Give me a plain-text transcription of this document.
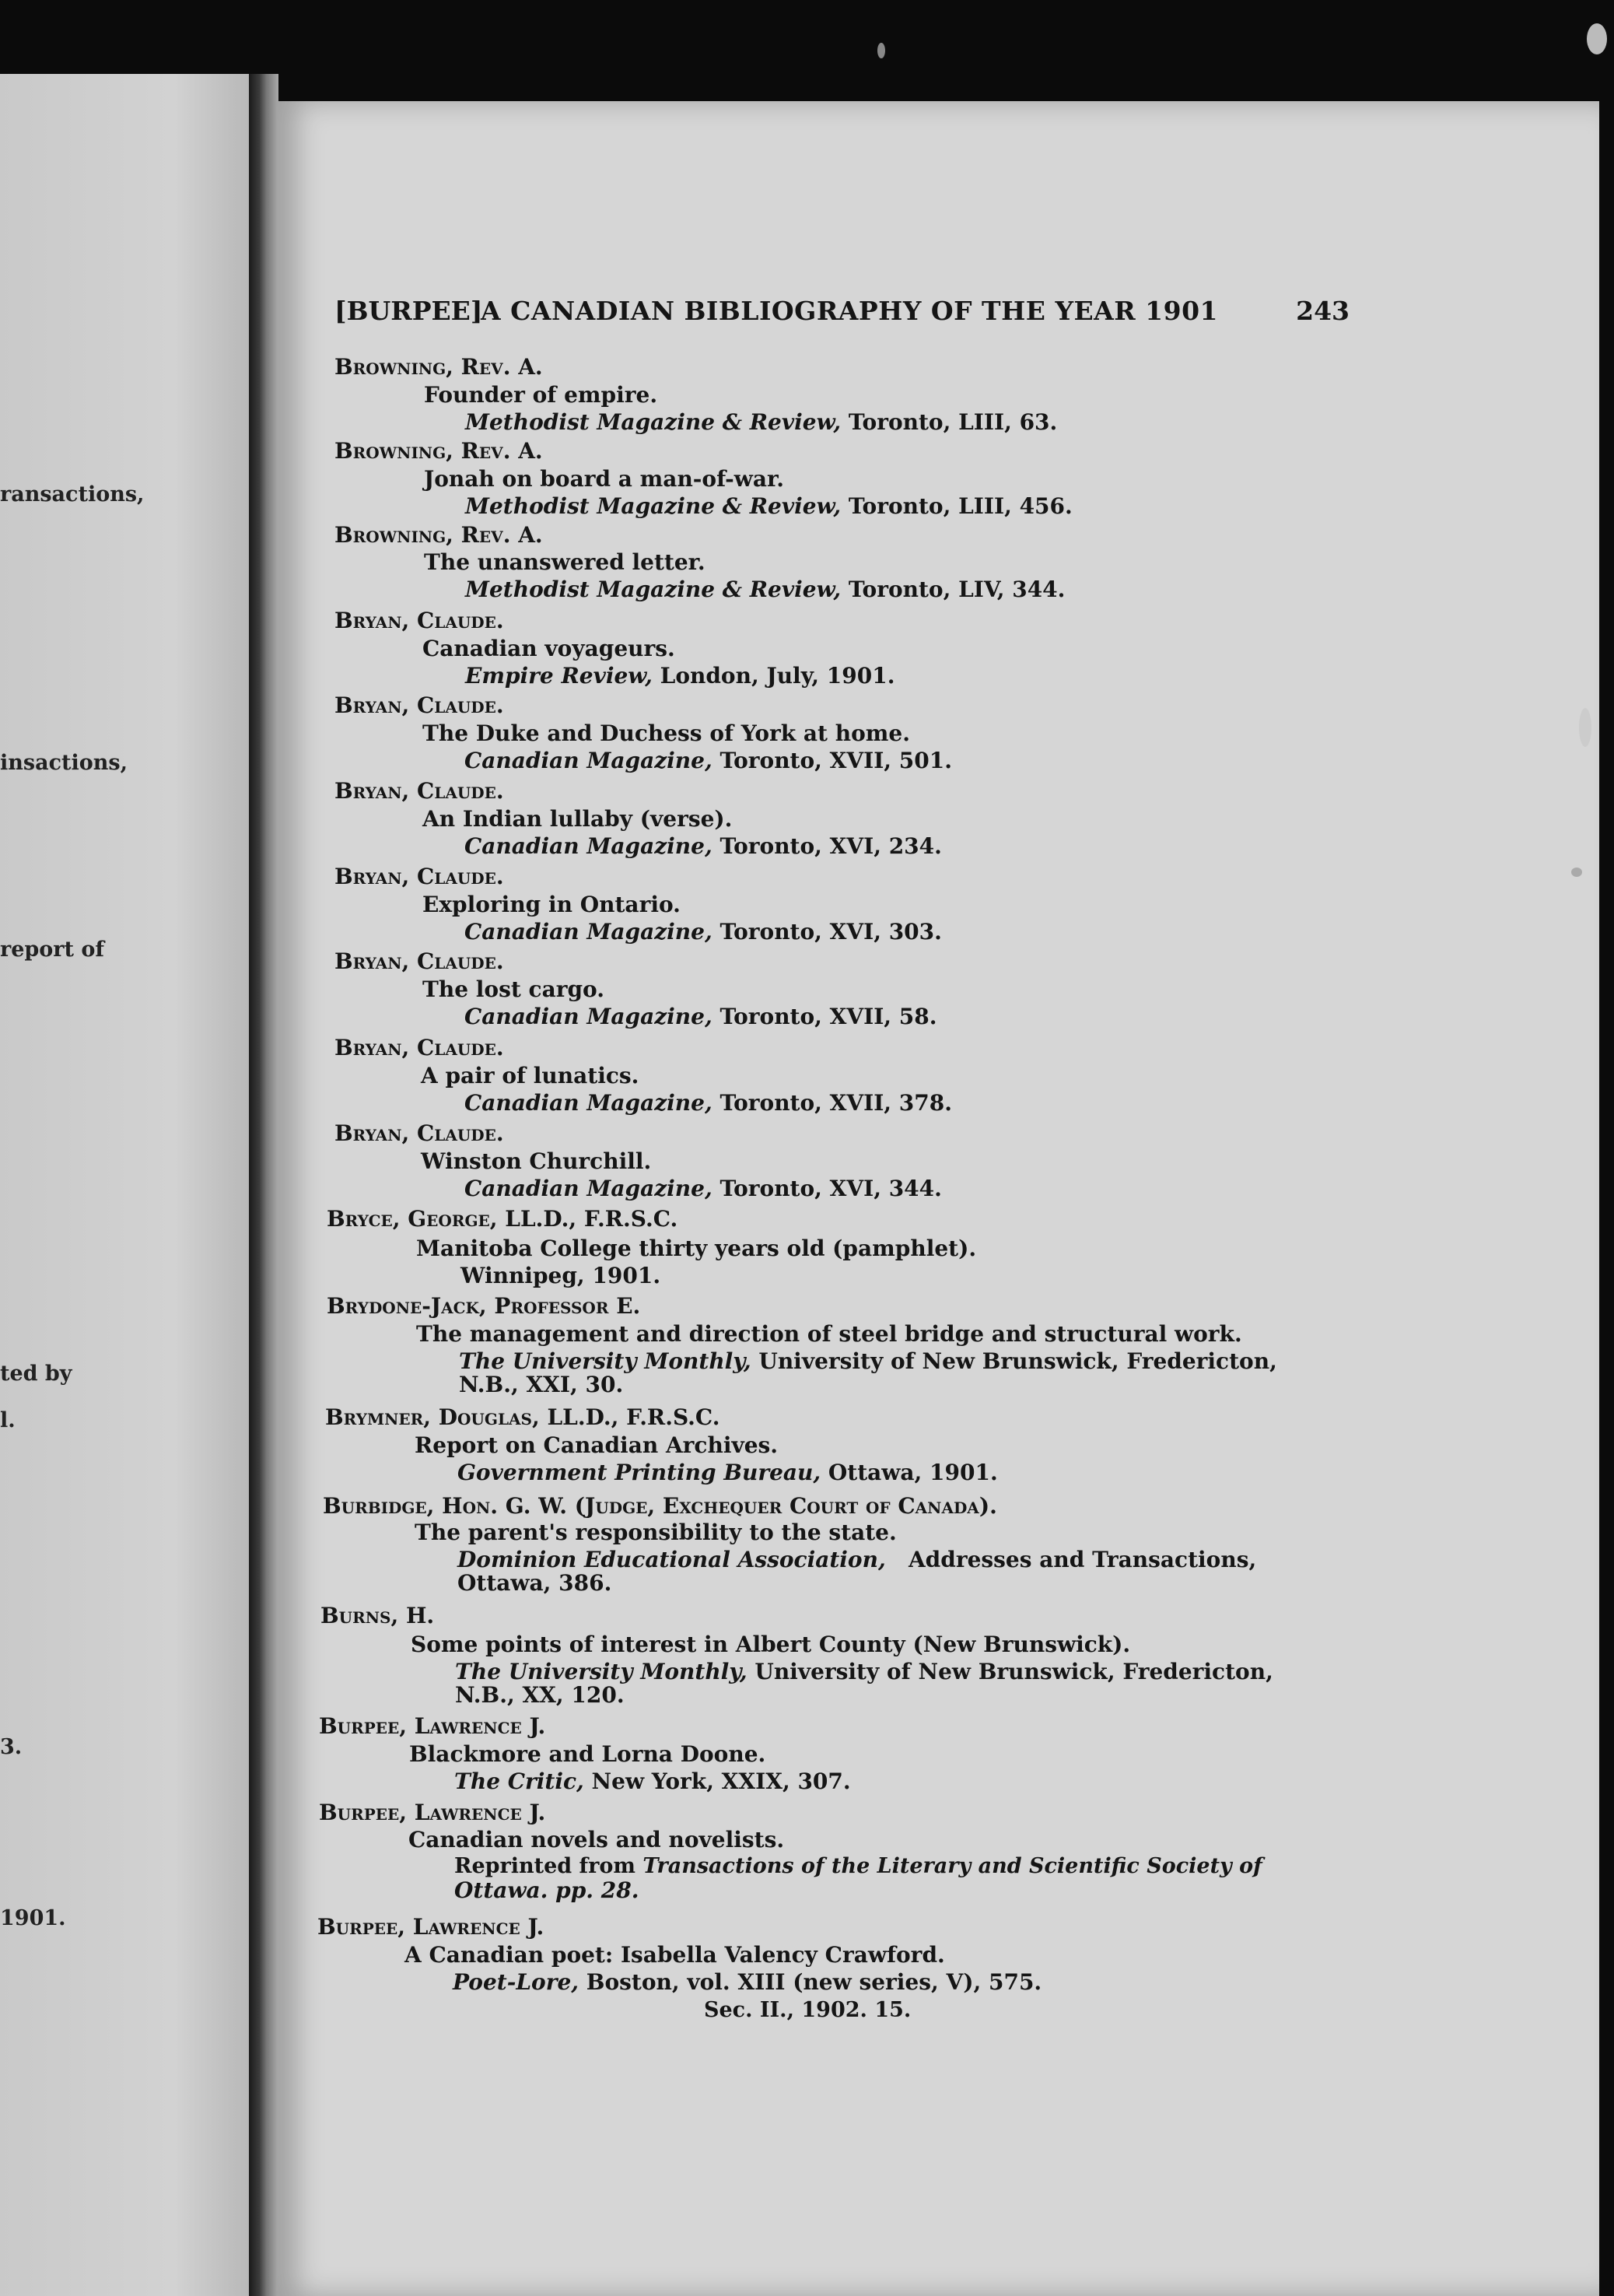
ransactions,

insactions,

report of

ted by

l.

3.

1901.

[BURPEE]
A CANADIAN BIBLIOGRAPHY OF THE YEAR 1901	243

Browning, Rev. A.

Founder of empire.

Methodist Magazine & Review, Toronto, LIII, 63.

Browning, Rev. A.

Jonah on board a man-of-war.

Methodist Magazine & Review, Toronto, LIII, 456.

Browning, Rev. A.

The unanswered letter.

Methodist Magazine & Review, Toronto, LIV, 344.

Bryan, Claude.

Canadian voyageurs.

Empire Review, London, July, 1901.

Bryan, Claude.

The Duke and Duchess of York at home.

Canadian Magazine, Toronto, XVII, 501.

Bryan, Claude.

An Indian lullaby (verse).

Canadian Magazine, Toronto, XVI, 234.

Bryan, Claude.

Exploring in Ontario.

Canadian Magazine, Toronto, XVI, 303.

Bryan, Claude.

The lost cargo.

Canadian Magazine, Toronto, XVII, 58.

Bryan, Claude.

A pair of lunatics.

Canadian Magazine, Toronto, XVII, 378.

Bryan, Claude.

Winston Churchill.

Canadian Magazine, Toronto, XVI, 344.

Bryce, George, LL.D., F.R.S.C.

Manitoba College thirty years old (pamphlet).

Winnipeg, 1901.

Brydone-Jack, Professor E.

The management and direction of steel bridge and structural work.

The University Monthly, University of New Brunswick, Fredericton,

N.B., XXI, 30.

Brymner, Douglas, LL.D., F.R.S.C.

Report on Canadian Archives.

Government Printing Bureau, Ottawa, 1901.

Burbidge, Hon. G. W. (Judge, Exchequer Court of Canada).

The parent's responsibility to the state.

Dominion Educational Association, Addresses and Transactions,

Ottawa, 386.

Burns, H.

Some points of interest in Albert County (New Brunswick).

The University Monthly, University of New Brunswick, Fredericton,

N.B., XX, 120.

Burpee, Lawrence J.

Blackmore and Lorna Doone.

The Critic, New York, XXIX, 307.

Burpee, Lawrence J.

Canadian novels and novelists.

Reprinted from Transactions of the Literary and Scientific Society of

Ottawa. pp. 28.

Burpee, Lawrence J.

A Canadian poet: Isabella Valency Crawford.

Poet-Lore, Boston, vol. XIII (new series, V), 575.

Sec. II., 1902. 15.
